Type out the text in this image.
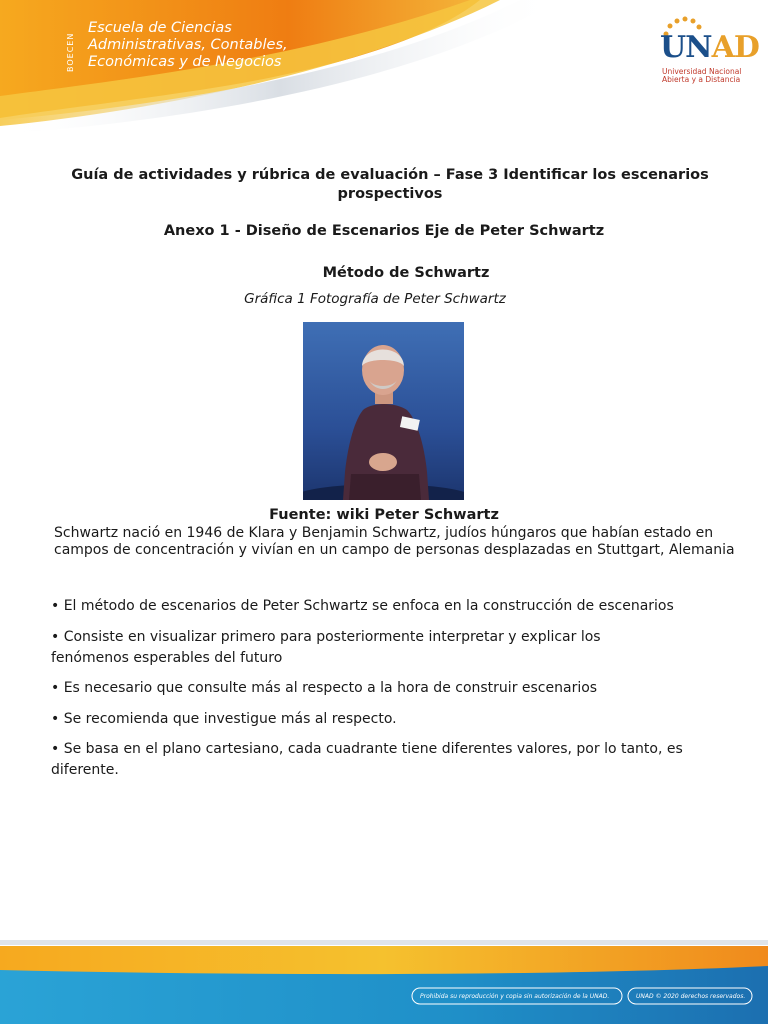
BOECEN
Escuela de Ciencias
Administrativas, Contables,
Económicas y de Negocios	UNAD
Universidad Nacional
Abierta y a Distancia
Guía de actividades y rúbrica de evaluación – Fase 3 Identificar los escenarios prospectivos
Anexo 1 - Diseño de Escenarios Eje de Peter Schwartz
Método de Schwartz
Gráfica 1 Fotografía de Peter Schwartz
Fuente: wiki Peter Schwartz
Schwartz nació en 1946 de Klara y Benjamin Schwartz, judíos húngaros que habían estado en campos de concentración y vivían en un campo de personas desplazadas en Stuttgart, Alemania
• El método de escenarios de Peter Schwartz se enfoca en la construcción de escenarios
• Consiste en visualizar primero para posteriormente interpretar y explicar los fenómenos esperables del futuro
• Es necesario que consulte más al respecto a la hora de construir escenarios
• Se recomienda que investigue más al respecto.
• Se basa en el plano cartesiano, cada cuadrante tiene diferentes valores, por lo tanto, es diferente.
Prohibida su reproducción y copia sin autorización de la UNAD.	UNAD © 2020 derechos reservados.
